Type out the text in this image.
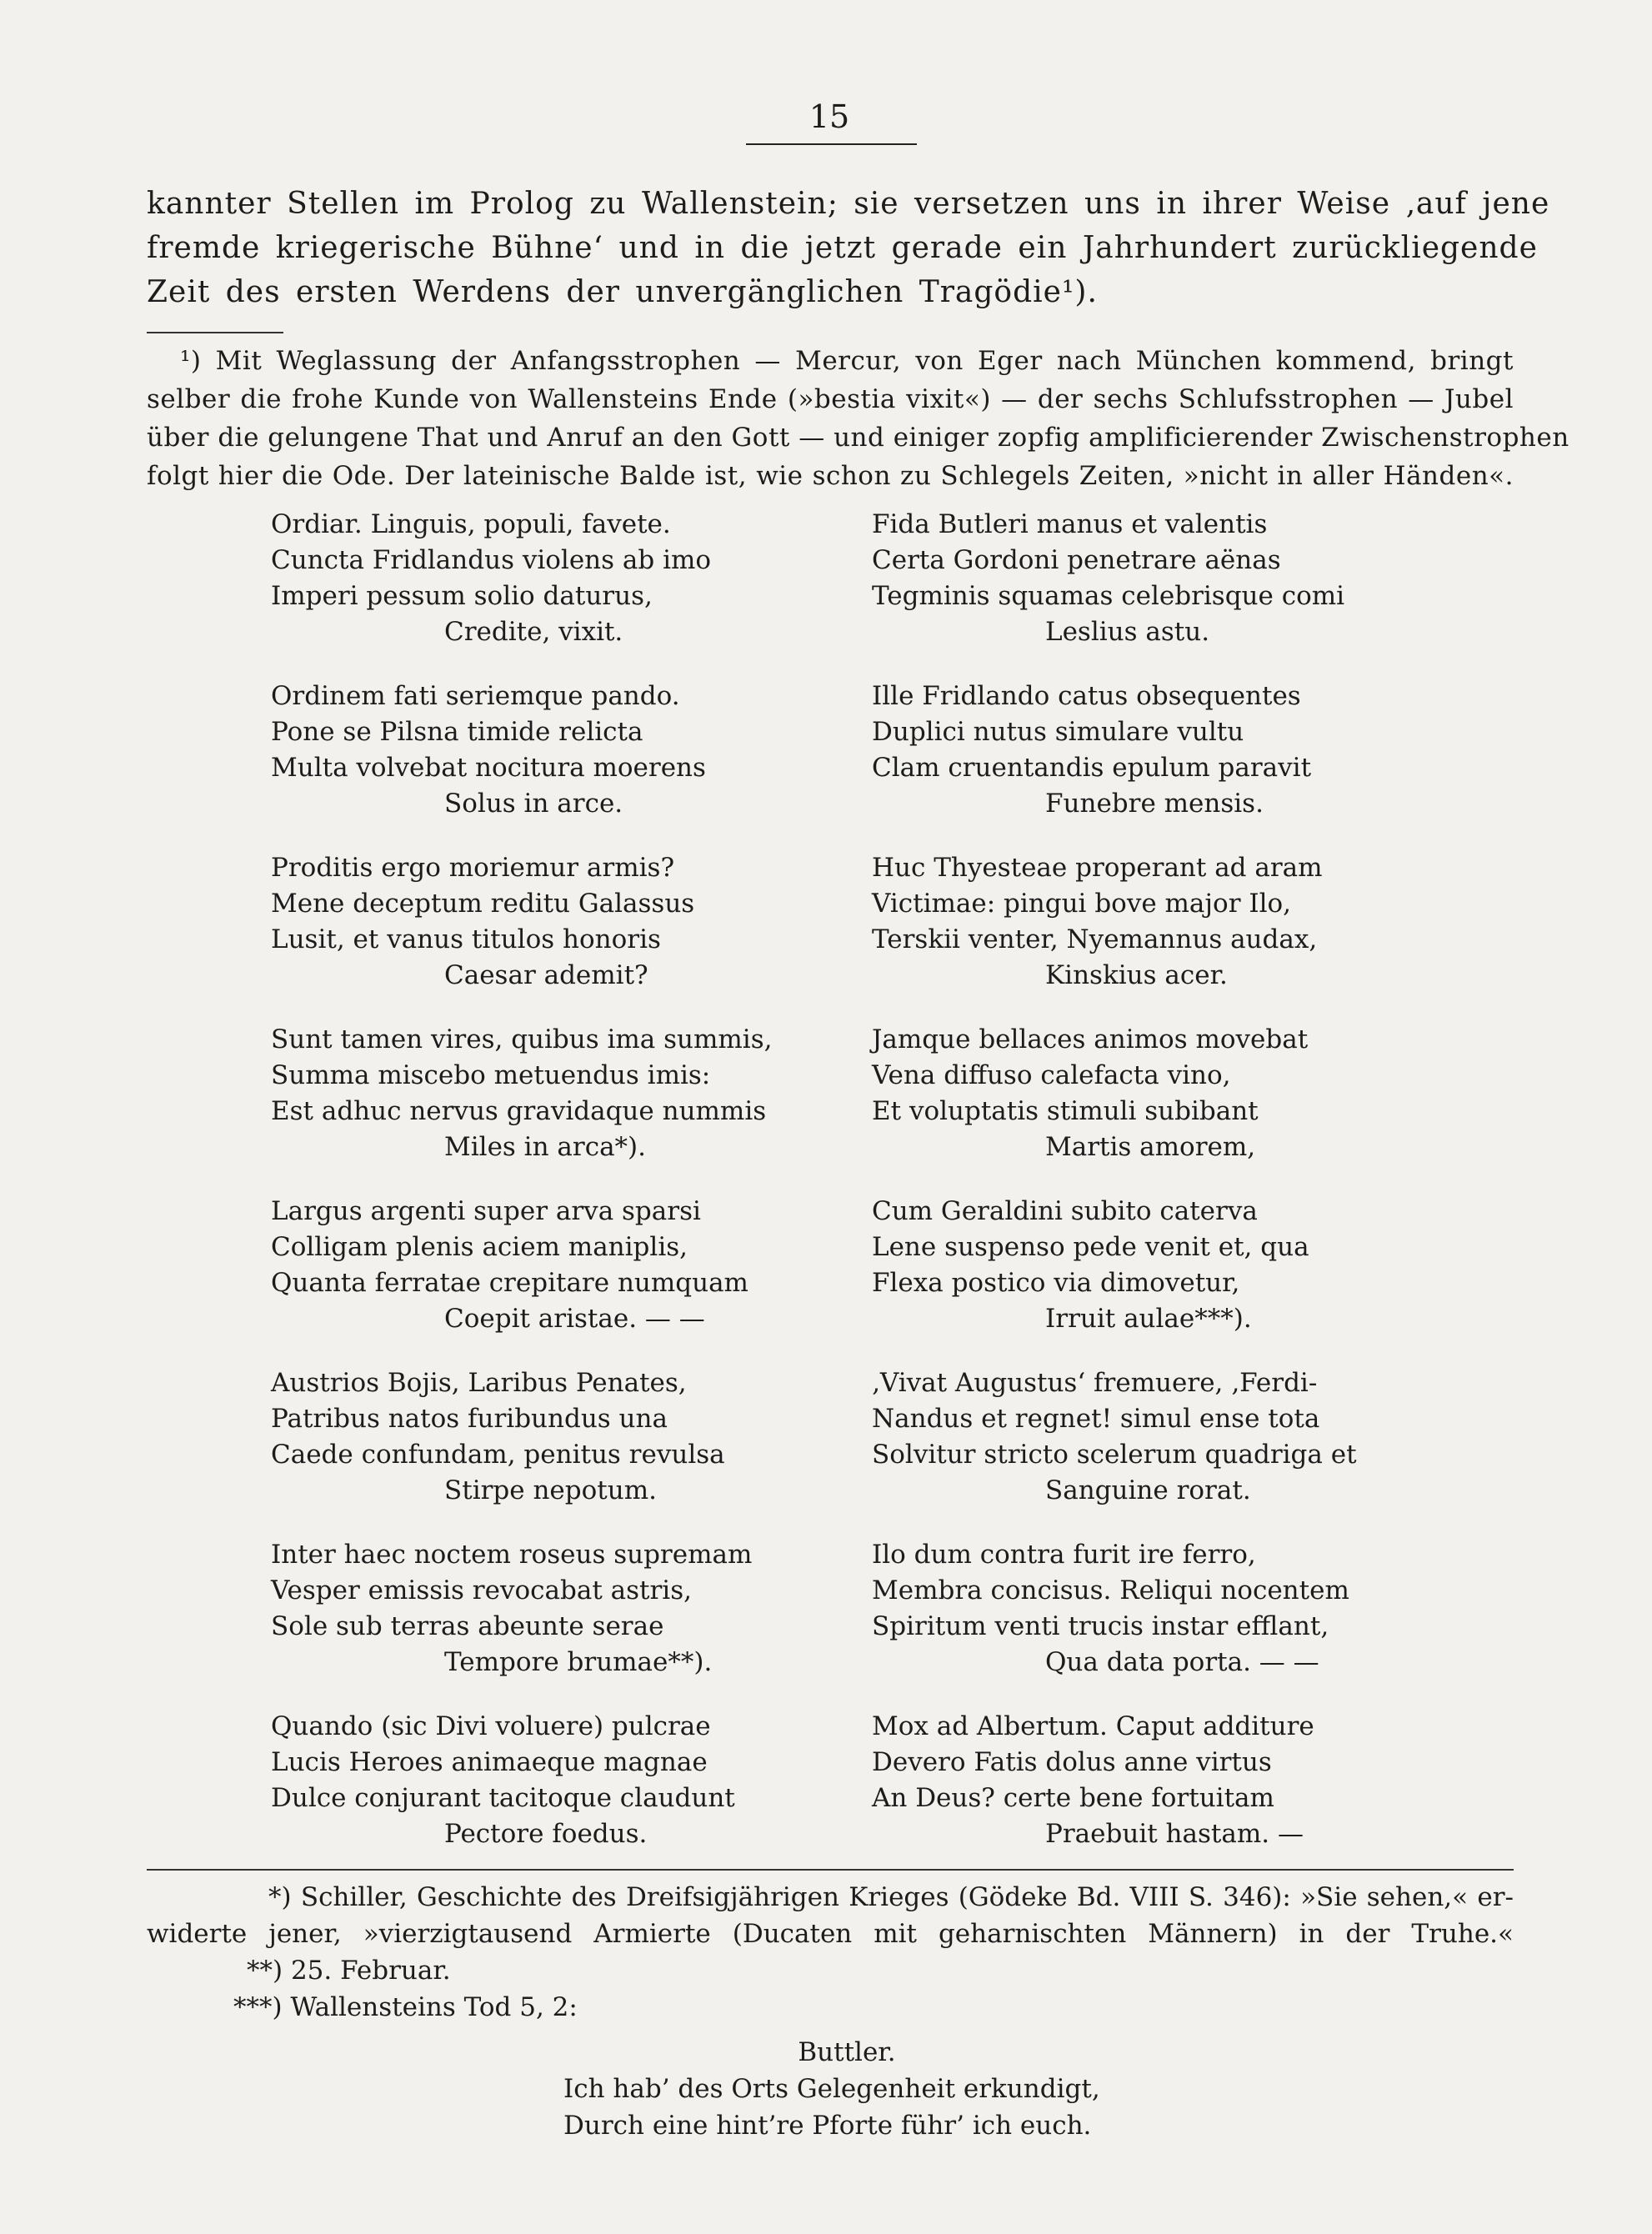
15
kannter Stellen im Prolog zu Wallenstein; sie versetzen uns in ihrer Weise ‚auf jene
fremde kriegerische Bühne‘ und in die jetzt gerade ein Jahrhundert zurückliegende
Zeit des ersten Werdens der unvergänglichen Tragödie¹).
¹) Mit Weglassung der Anfangsstrophen — Mercur, von Eger nach München kommend, bringt
selber die frohe Kunde von Wallensteins Ende (»bestia vixit«) — der sechs Schlufsstrophen — Jubel
über die gelungene That und Anruf an den Gott — und einiger zopfig amplificierender Zwischenstrophen
folgt hier die Ode. Der lateinische Balde ist, wie schon zu Schlegels Zeiten, »nicht in aller Händen«.
Ordiar. Linguis, populi, favete.
Cuncta Fridlandus violens ab imo
Imperi pessum solio daturus,
Credite, vixit.
Ordinem fati seriemque pando.
Pone se Pilsna timide relicta
Multa volvebat nocitura moerens
Solus in arce.
Proditis ergo moriemur armis?
Mene deceptum reditu Galassus
Lusit, et vanus titulos honoris
Caesar ademit?
Sunt tamen vires, quibus ima summis,
Summa miscebo metuendus imis:
Est adhuc nervus gravidaque nummis
Miles in arca*).
Largus argenti super arva sparsi
Colligam plenis aciem maniplis,
Quanta ferratae crepitare numquam
Coepit aristae. — —
Austrios Bojis, Laribus Penates,
Patribus natos furibundus una
Caede confundam, penitus revulsa
Stirpe nepotum.
Inter haec noctem roseus supremam
Vesper emissis revocabat astris,
Sole sub terras abeunte serae
Tempore brumae**).
Quando (sic Divi voluere) pulcrae
Lucis Heroes animaeque magnae
Dulce conjurant tacitoque claudunt
Pectore foedus.
Fida Butleri manus et valentis
Certa Gordoni penetrare aënas
Tegminis squamas celebrisque comi
Leslius astu.
Ille Fridlando catus obsequentes
Duplici nutus simulare vultu
Clam cruentandis epulum paravit
Funebre mensis.
Huc Thyesteae properant ad aram
Victimae: pingui bove major Ilo,
Terskii venter, Nyemannus audax,
Kinskius acer.
Jamque bellaces animos movebat
Vena diffuso calefacta vino,
Et voluptatis stimuli subibant
Martis amorem,
Cum Geraldini subito caterva
Lene suspenso pede venit et, qua
Flexa postico via dimovetur,
Irruit aulae***).
‚Vivat Augustus‘ fremuere, ‚Ferdi-
Nandus et regnet! simul ense tota
Solvitur stricto scelerum quadriga et
Sanguine rorat.
Ilo dum contra furit ire ferro,
Membra concisus. Reliqui nocentem
Spiritum venti trucis instar efflant,
Qua data porta. — —
Mox ad Albertum. Caput additure
Devero Fatis dolus anne virtus
An Deus? certe bene fortuitam
Praebuit hastam. —
*) Schiller, Geschichte des Dreifsigjährigen Krieges (Gödeke Bd. VIII S. 346): »Sie sehen,« er-
widerte jener, »vierzigtausend Armierte (Ducaten mit geharnischten Männern) in der Truhe.«
**) 25. Februar.
***) Wallensteins Tod 5, 2:
Buttler.
Ich hab’ des Orts Gelegenheit erkundigt,
Durch eine hint’re Pforte führ’ ich euch.
